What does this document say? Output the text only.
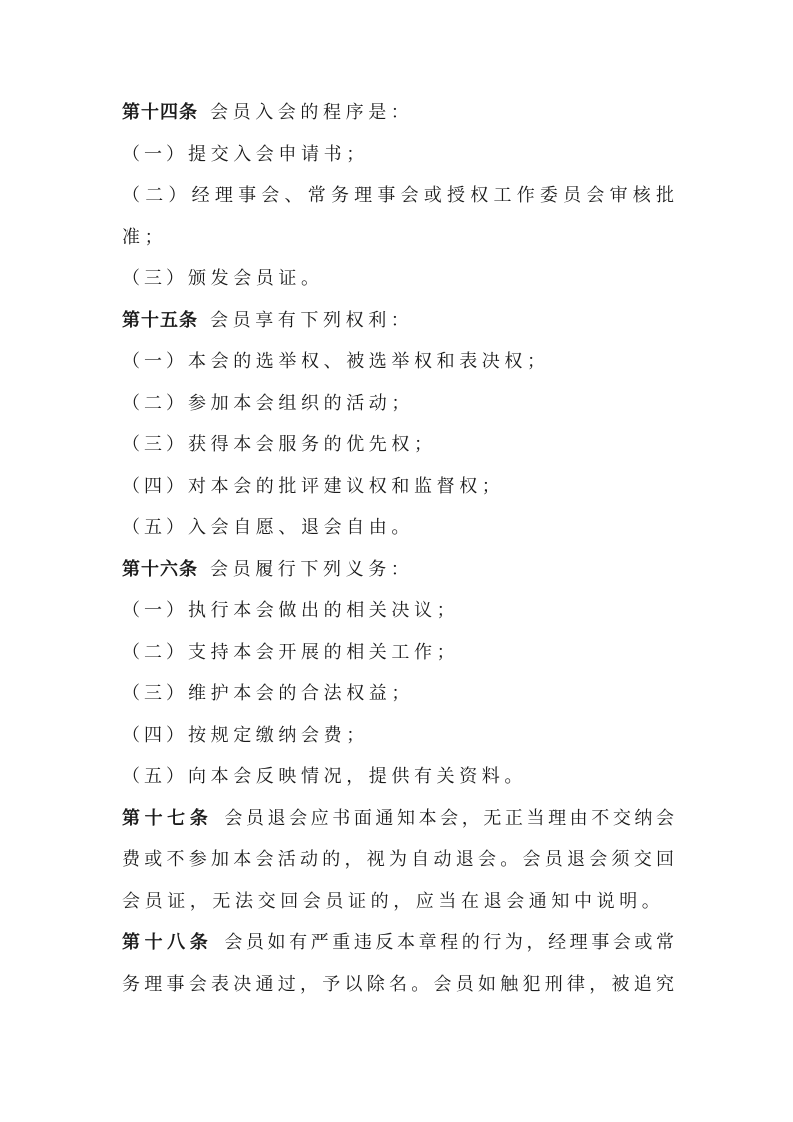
第十四条 会员入会的程序是：
（一）提交入会申请书；
（二）经理事会、常务理事会或授权工作委员会审核批
准；
（三）颁发会员证。
第十五条 会员享有下列权利：
（一）本会的选举权、被选举权和表决权；
（二）参加本会组织的活动；
（三）获得本会服务的优先权；
（四）对本会的批评建议权和监督权；
（五）入会自愿、退会自由。
第十六条 会员履行下列义务：
（一）执行本会做出的相关决议；
（二）支持本会开展的相关工作；
（三）维护本会的合法权益；
（四）按规定缴纳会费；
（五）向本会反映情况，提供有关资料。
第十七条 会员退会应书面通知本会，无正当理由不交纳会
费或不参加本会活动的，视为自动退会。会员退会须交回
会员证，无法交回会员证的，应当在退会通知中说明。
第十八条 会员如有严重违反本章程的行为，经理事会或常
务理事会表决通过，予以除名。会员如触犯刑律，被追究
